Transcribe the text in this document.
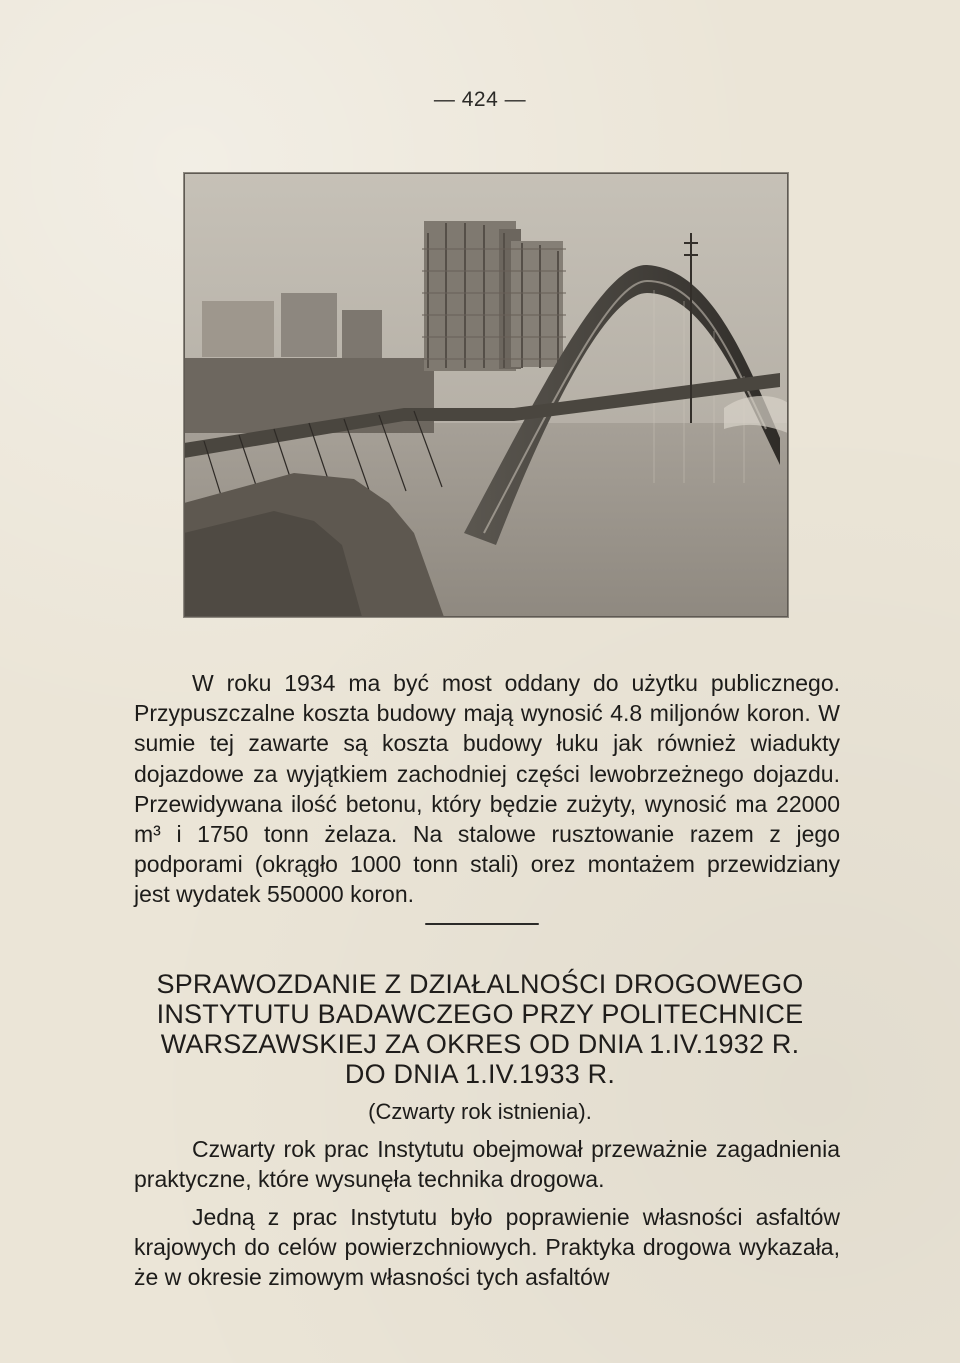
— 424 —

W roku 1934 ma być most oddany do użytku publicznego. Przypuszczalne koszta budowy mają wynosić 4.8 miljonów koron. W sumie tej zawarte są koszta budowy łuku jak również wiadukty dojazdowe za wyjątkiem zachodniej części lewobrzeżnego dojazdu. Przewidywana ilość betonu, który będzie zużyty, wynosić ma 22000 m³ i 1750 tonn żelaza. Na stalowe rusztowanie razem z jego podporami (okrągło 1000 tonn stali) orez montażem przewidziany jest wydatek 550000 koron.

SPRAWOZDANIE Z DZIAŁALNOŚCI DROGOWEGO INSTYTUTU BADAWCZEGO PRZY POLITECHNICE WARSZAWSKIEJ ZA OKRES OD DNIA 1.IV.1932 R. DO DNIA 1.IV.1933 R.
(Czwarty rok istnienia).

Czwarty rok prac Instytutu obejmował przeważnie zagadnienia praktyczne, które wysunęła technika drogowa.

Jedną z prac Instytutu było poprawienie własności asfaltów krajowych do celów powierzchniowych. Praktyka drogowa wykazała, że w okresie zimowym własności tych asfaltów
